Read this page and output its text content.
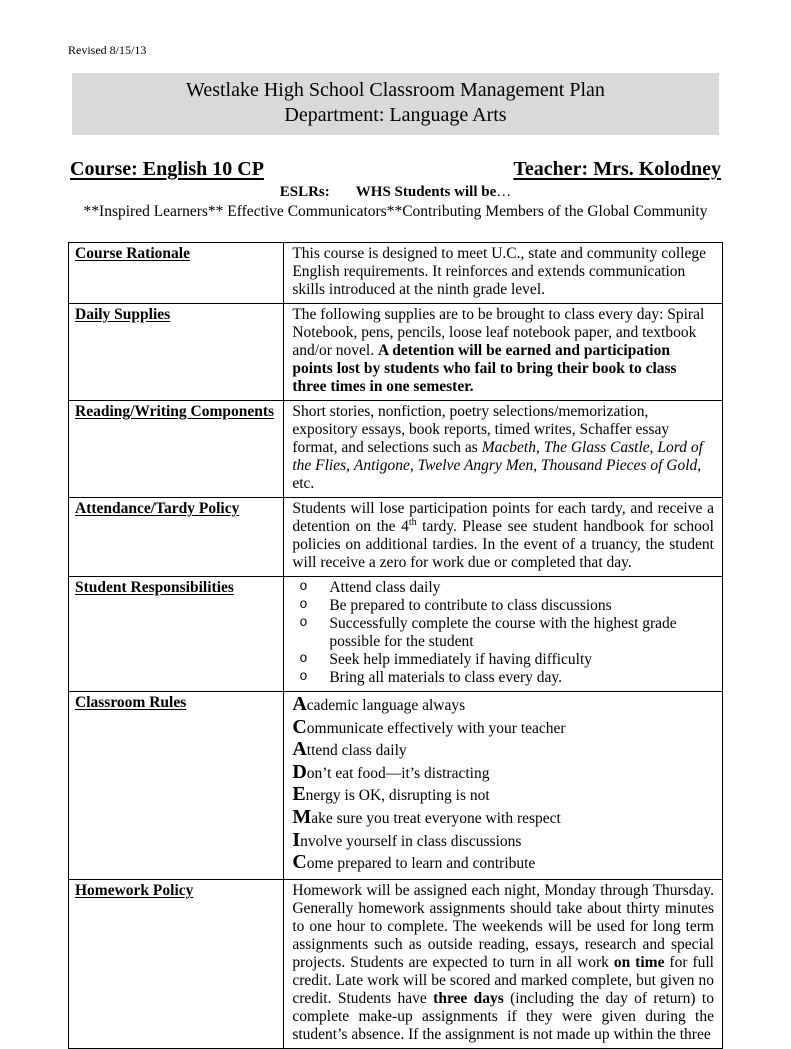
Revised 8/15/13
Westlake High School Classroom Management Plan
Department: Language Arts
Course: English 10 CP	Teacher: Mrs. Kolodney
ESLRs: WHS Students will be…
**Inspired Learners** Effective Communicators**Contributing Members of the Global Community
Course Rationale	This course is designed to meet U.C., state and community college English requirements. It reinforces and extends communication skills introduced at the ninth grade level.
Daily Supplies	The following supplies are to be brought to class every day: Spiral Notebook, pens, pencils, loose leaf notebook paper, and textbook and/or novel. A detention will be earned and participation points lost by students who fail to bring their book to class three times in one semester.
Reading/Writing Components	Short stories, nonfiction, poetry selections/memorization, expository essays, book reports, timed writes, Schaffer essay format, and selections such as Macbeth, The Glass Castle, Lord of the Flies, Antigone, Twelve Angry Men, Thousand Pieces of Gold, etc.
Attendance/Tardy Policy	Students will lose participation points for each tardy, and receive a detention on the 4th tardy. Please see student handbook for school policies on additional tardies. In the event of a truancy, the student will receive a zero for work due or completed that day.
Student Responsibilities	o	Attend class daily
o	Be prepared to contribute to class discussions
o	Successfully complete the course with the highest grade possible for the student
o	Seek help immediately if having difficulty
o	Bring all materials to class every day.

Classroom Rules	Academic language always
Communicate effectively with your teacher
Attend class daily
Don’t eat food—it’s distracting
Energy is OK, disrupting is not
Make sure you treat everyone with respect
Involve yourself in class discussions
Come prepared to learn and contribute

Homework Policy	Homework will be assigned each night, Monday through Thursday. Generally homework assignments should take about thirty minutes to one hour to complete. The weekends will be used for long term assignments such as outside reading, essays, research and special projects. Students are expected to turn in all work on time for full credit. Late work will be scored and marked complete, but given no credit. Students have three days (including the day of return) to complete make-up assignments if they were given during the student’s absence. If the assignment is not made up within the three
